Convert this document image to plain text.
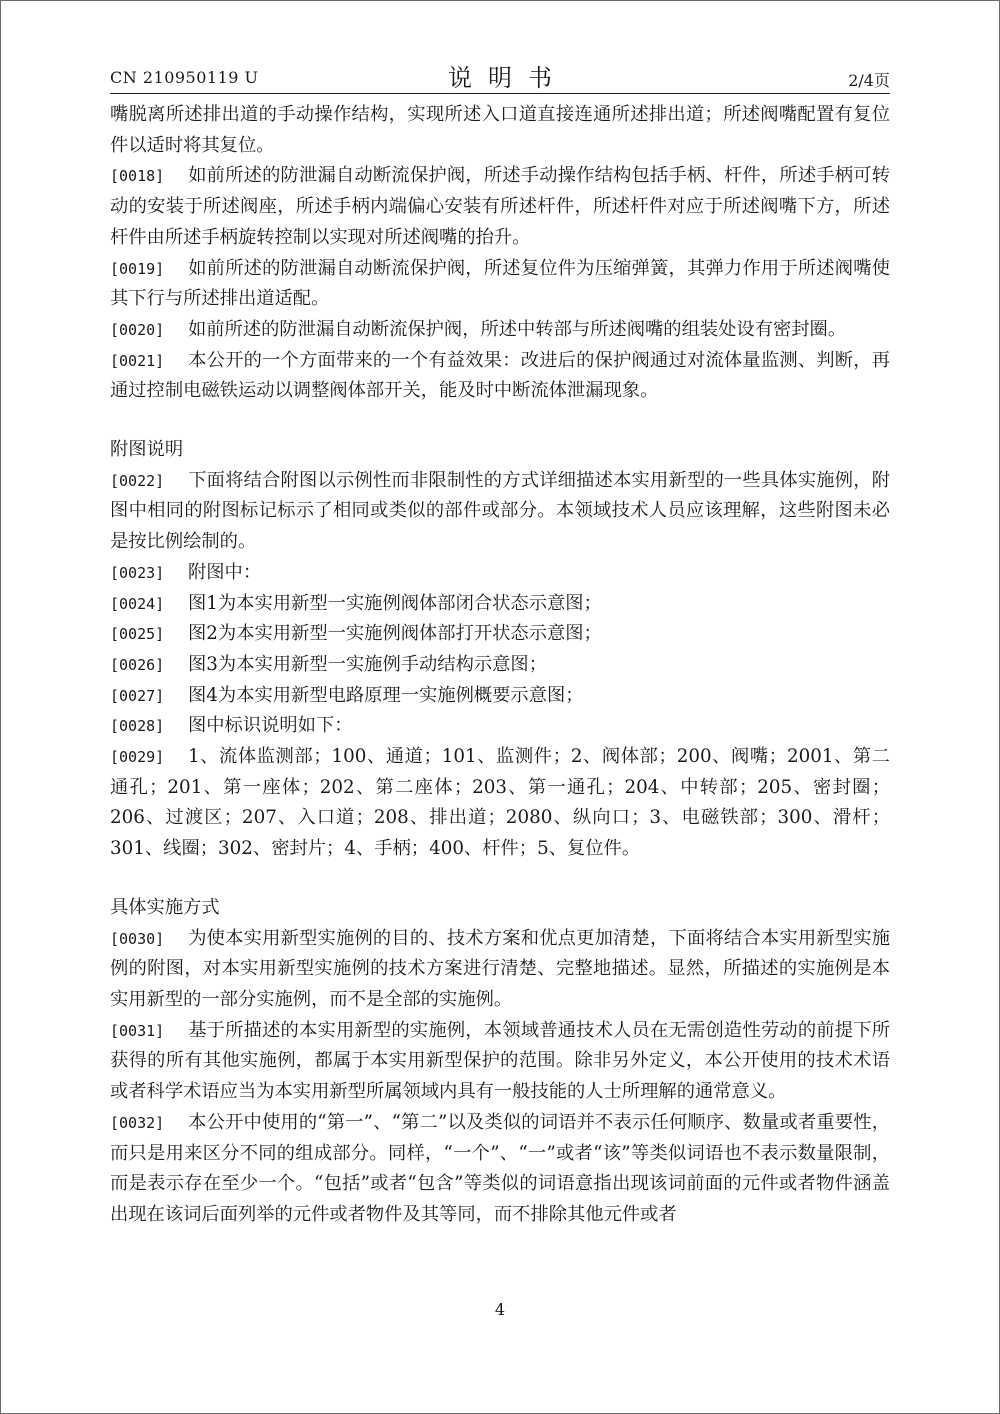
CN 210950119 U	说明书	2/4页

嘴脱离所述排出道的手动操作结构，实现所述入口道直接连通所述排出道；所述阀嘴配置有复位件以适时将其复位。

[0018] 如前所述的防泄漏自动断流保护阀，所述手动操作结构包括手柄、杆件，所述手柄可转动的安装于所述阀座，所述手柄内端偏心安装有所述杆件，所述杆件对应于所述阀嘴下方，所述杆件由所述手柄旋转控制以实现对所述阀嘴的抬升。

[0019] 如前所述的防泄漏自动断流保护阀，所述复位件为压缩弹簧，其弹力作用于所述阀嘴使其下行与所述排出道适配。

[0020] 如前所述的防泄漏自动断流保护阀，所述中转部与所述阀嘴的组装处设有密封圈。

[0021] 本公开的一个方面带来的一个有益效果：改进后的保护阀通过对流体量监测、判断，再通过控制电磁铁运动以调整阀体部开关，能及时中断流体泄漏现象。

附图说明

[0022] 下面将结合附图以示例性而非限制性的方式详细描述本实用新型的一些具体实施例，附图中相同的附图标记标示了相同或类似的部件或部分。本领域技术人员应该理解，这些附图未必是按比例绘制的。

[0023] 附图中：

[0024] 图1为本实用新型一实施例阀体部闭合状态示意图；

[0025] 图2为本实用新型一实施例阀体部打开状态示意图；

[0026] 图3为本实用新型一实施例手动结构示意图；

[0027] 图4为本实用新型电路原理一实施例概要示意图；

[0028] 图中标识说明如下：

[0029] 1、流体监测部；100、通道；101、监测件；2、阀体部；200、阀嘴；2001、第二通孔；201、第一座体；202、第二座体；203、第一通孔；204、中转部；205、密封圈；206、过渡区；207、入口道；208、排出道；2080、纵向口；3、电磁铁部；300、滑杆；301、线圈；302、密封片；4、手柄；400、杆件；5、复位件。

具体实施方式

[0030] 为使本实用新型实施例的目的、技术方案和优点更加清楚，下面将结合本实用新型实施例的附图，对本实用新型实施例的技术方案进行清楚、完整地描述。显然，所描述的实施例是本实用新型的一部分实施例，而不是全部的实施例。

[0031] 基于所描述的本实用新型的实施例，本领域普通技术人员在无需创造性劳动的前提下所获得的所有其他实施例，都属于本实用新型保护的范围。除非另外定义，本公开使用的技术术语或者科学术语应当为本实用新型所属领域内具有一般技能的人士所理解的通常意义。

[0032] 本公开中使用的“第一”、“第二”以及类似的词语并不表示任何顺序、数量或者重要性，而只是用来区分不同的组成部分。同样，“一个”、“一”或者“该”等类似词语也不表示数量限制，而是表示存在至少一个。“包括”或者“包含”等类似的词语意指出现该词前面的元件或者物件涵盖出现在该词后面列举的元件或者物件及其等同，而不排除其他元件或者

4
